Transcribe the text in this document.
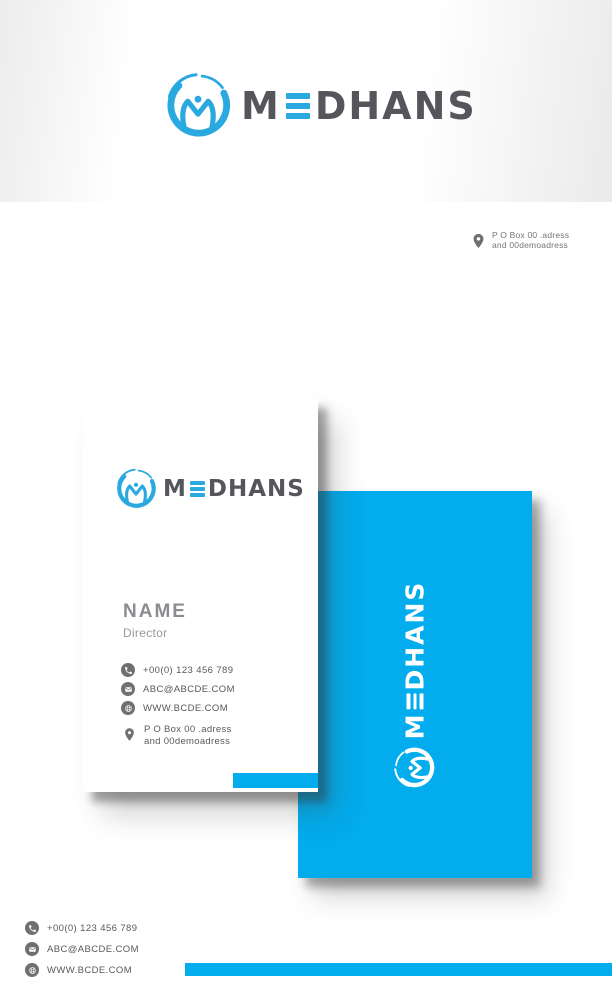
M DHANS
P O Box 00 .adress
and 00demoadress
M
DHANS
M DHANS
NAME
Director
+00(0) 123 456 789
ABC@ABCDE.COM
WWW.BCDE.COM
P O Box 00 .adress
and 00demoadress
+00(0) 123 456 789
ABC@ABCDE.COM
WWW.BCDE.COM
